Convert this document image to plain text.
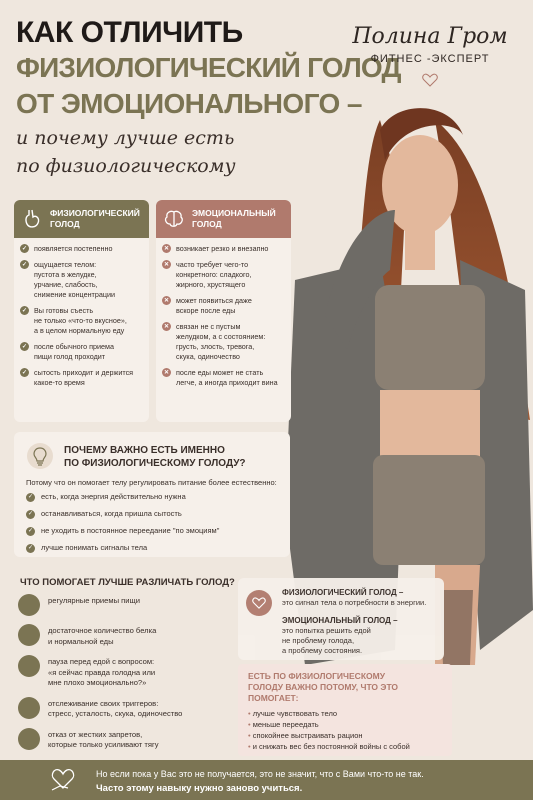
КАК ОТЛИЧИТЬ
ФИЗИОЛОГИЧЕСКИЙ ГОЛОД
ОТ ЭМОЦИОНАЛЬНОГО –
и почему лучше есть
по физиологическому
Полина Гром
ФИТНЕС -ЭКСПЕРТ
ФИЗИОЛОГИЧЕСКИЙ
ГОЛОД
✓ появляется постепенно
✓ ощущается телом:
пустота в желудке,
урчание, слабость,
снижение концентрации
✓ Вы готовы съесть
не только «что-то вкусное»,
а в целом нормальную еду
✓ после обычного приема
пищи голод проходит
✓ сытость приходит и держится
какое-то время
ЭМОЦИОНАЛЬНЫЙ
ГОЛОД
✕ возникает резко и внезапно
✕ часто требует чего-то
конкретного: сладкого,
жирного, хрустящего
✕ может появиться даже
вскоре после еды
✕ связан не с пустым
желудком, а с состоянием:
грусть, злость, тревога,
скука, одиночество
✕ после еды может не стать
легче, а иногда приходит вина
ПОЧЕМУ ВАЖНО ЕСТЬ ИМЕННО
ПО ФИЗИОЛОГИЧЕСКОМУ ГОЛОДУ?
Потому что он помогает телу регулировать питание более естественно:
✓ есть, когда энергия действительно нужна
✓ останавливаться, когда пришла сытость
✓ не уходить в постоянное переедание "по эмоциям"
✓ лучше понимать сигналы тела
ЧТО ПОМОГАЕТ ЛУЧШЕ РАЗЛИЧАТЬ ГОЛОД?
регулярные приемы пищи
достаточное количество белка
и нормальной еды
пауза перед едой с вопросом:
«я сейчас правда голодна или
мне плохо эмоционально?»
отслеживание своих триггеров:
стресс, усталость, скука, одиночество
отказ от жестких запретов,
которые только усиливают тягу
ФИЗИОЛОГИЧЕСКИЙ ГОЛОД –
это сигнал тела о потребности в энергии.
ЭМОЦИОНАЛЬНЫЙ ГОЛОД –
это попытка решить едой
не проблему голода,
а проблему состояния.
ЕСТЬ ПО ФИЗИОЛОГИЧЕСКОМУ
ГОЛОДУ ВАЖНО ПОТОМУ, ЧТО ЭТО
ПОМОГАЕТ:
• лучше чувствовать тело
• меньше переедать
• спокойнее выстраивать рацион
• и снижать вес без постоянной войны с собой
Но если пока у Вас это не получается, это не значит, что с Вами что-то не так.
Часто этому навыку нужно заново учиться.
